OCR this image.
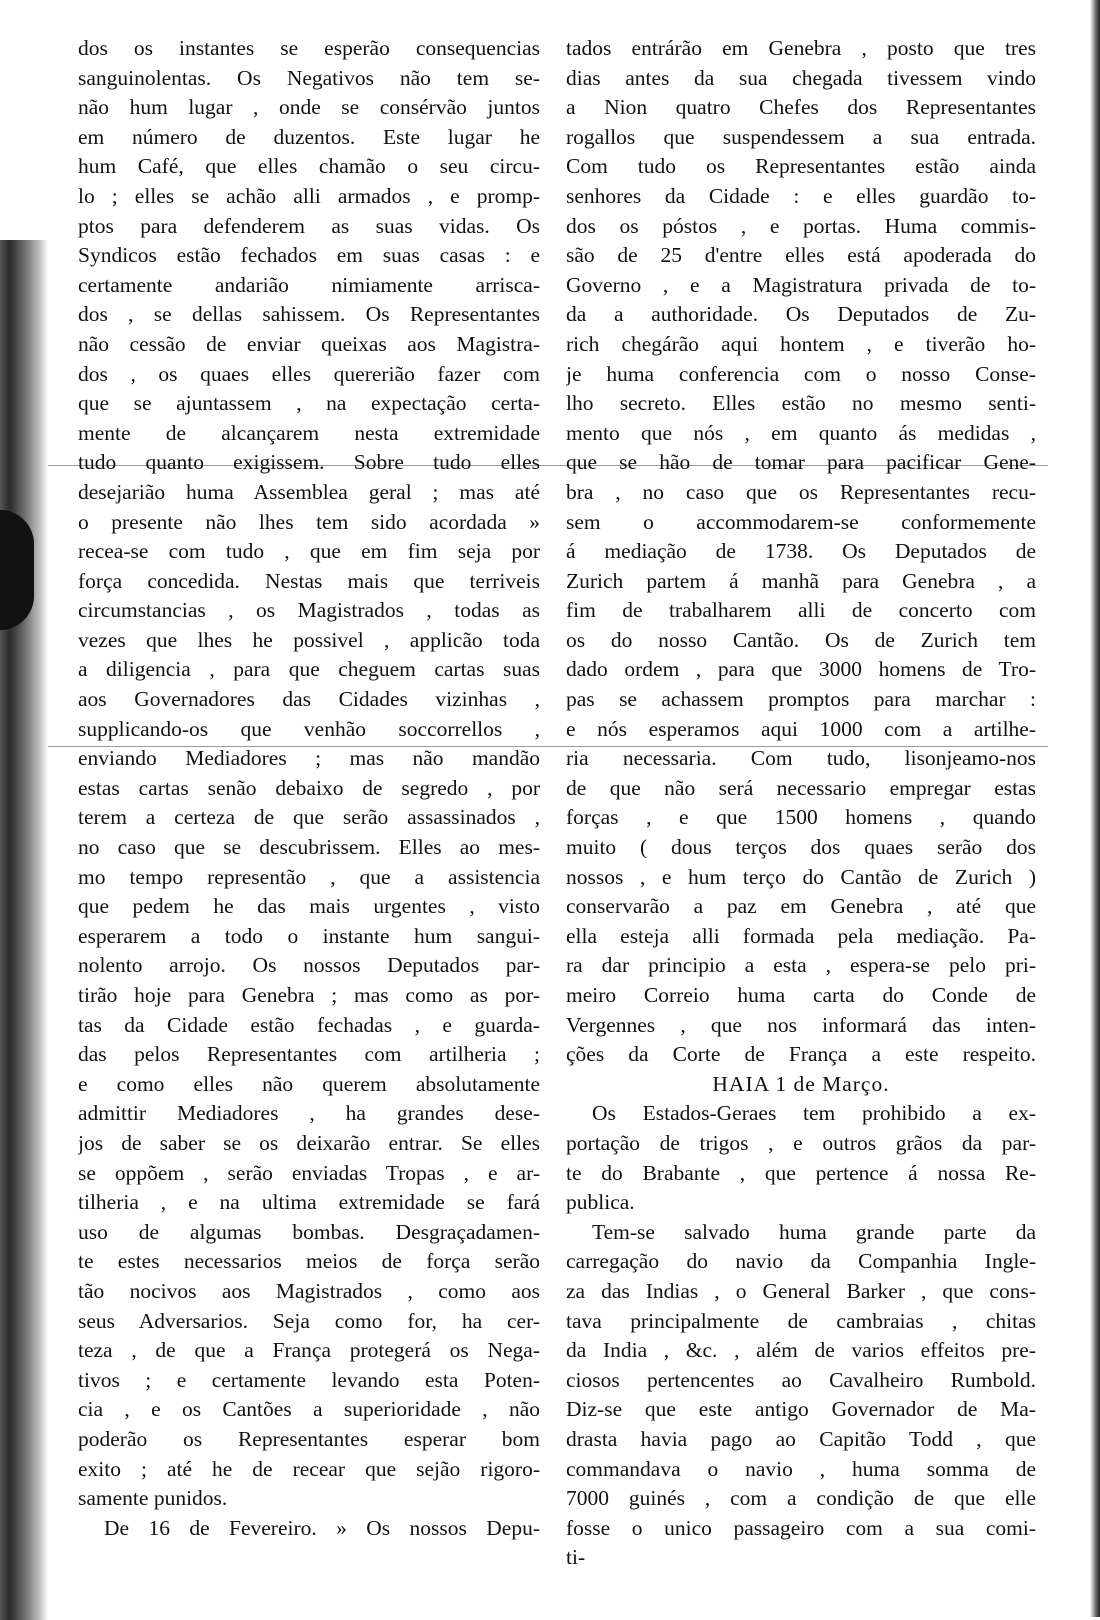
dos os instantes se esperão consequencias
sanguinolentas. Os Negativos não tem se-
não hum lugar , onde se consérvão juntos
em número de duzentos. Este lugar he
hum Café, que elles chamão o seu circu-
lo ; elles se achão alli armados , e promp-
ptos para defenderem as suas vidas. Os
Syndicos estão fechados em suas casas : e
certamente andarião nimiamente arrisca-
dos , se dellas sahissem. Os Representantes
não cessão de enviar queixas aos Magistra-
dos , os quaes elles quererião fazer com
que se ajuntassem , na expectação certa-
mente de alcançarem nesta extremidade
tudo quanto exigissem. Sobre tudo elles
desejarião huma Assemblea geral ; mas até
o presente não lhes tem sido acordada »
recea-se com tudo , que em fim seja por
força concedida. Nestas mais que terriveis
circumstancias , os Magistrados , todas as
vezes que lhes he possivel , applicão toda
a diligencia , para que cheguem cartas suas
aos Governadores das Cidades vizinhas ,
supplicando-os que venhão soccorrellos ,
enviando Mediadores ; mas não mandão
estas cartas senão debaixo de segredo , por
terem a certeza de que serão assassinados ,
no caso que se descubrissem. Elles ao mes-
mo tempo representão , que a assistencia
que pedem he das mais urgentes , visto
esperarem a todo o instante hum sangui-
nolento arrojo. Os nossos Deputados par-
tirão hoje para Genebra ; mas como as por-
tas da Cidade estão fechadas , e guarda-
das pelos Representantes com artilheria ;
e como elles não querem absolutamente
admittir Mediadores , ha grandes dese-
jos de saber se os deixarão entrar. Se elles
se oppõem , serão enviadas Tropas , e ar-
tilheria , e na ultima extremidade se fará
uso de algumas bombas. Desgraçadamen-
te estes necessarios meios de força serão
tão nocivos aos Magistrados , como aos
seus Adversarios. Seja como for, ha cer-
teza , de que a França protegerá os Nega-
tivos ; e certamente levando esta Poten-
cia , e os Cantões a superioridade , não
poderão os Representantes esperar bom
exito ; até he de recear que sejão rigoro-
samente punidos.
De 16 de Fevereiro. » Os nossos Depu-
tados entrárão em Genebra , posto que tres
dias antes da sua chegada tivessem vindo
a Nion quatro Chefes dos Representantes
rogallos que suspendessem a sua entrada.
Com tudo os Representantes estão ainda
senhores da Cidade : e elles guardão to-
dos os póstos , e portas. Huma commis-
são de 25 d'entre elles está apoderada do
Governo , e a Magistratura privada de to-
da a authoridade. Os Deputados de Zu-
rich chegárão aqui hontem , e tiverão ho-
je huma conferencia com o nosso Conse-
lho secreto. Elles estão no mesmo senti-
mento que nós , em quanto ás medidas ,
que se hão de tomar para pacificar Gene-
bra , no caso que os Representantes recu-
sem o accommodarem-se conformemente
á mediação de 1738. Os Deputados de
Zurich partem á manhã para Genebra , a
fim de trabalharem alli de concerto com
os do nosso Cantão. Os de Zurich tem
dado ordem , para que 3000 homens de Tro-
pas se achassem promptos para marchar :
e nós esperamos aqui 1000 com a artilhe-
ria necessaria. Com tudo, lisonjeamo-nos
de que não será necessario empregar estas
forças , e que 1500 homens , quando
muito ( dous terços dos quaes serão dos
nossos , e hum terço do Cantão de Zurich )
conservarão a paz em Genebra , até que
ella esteja alli formada pela mediação. Pa-
ra dar principio a esta , espera-se pelo pri-
meiro Correio huma carta do Conde de
Vergennes , que nos informará das inten-
ções da Corte de França a este respeito.
HAIA 1 de Março.
Os Estados-Geraes tem prohibido a ex-
portação de trigos , e outros grãos da par-
te do Brabante , que pertence á nossa Re-
publica.
Tem-se salvado huma grande parte da
carregação do navio da Companhia Ingle-
za das Indias , o General Barker , que cons-
tava principalmente de cambraias , chitas
da India , &c. , além de varios effeitos pre-
ciosos pertencentes ao Cavalheiro Rumbold.
Diz-se que este antigo Governador de Ma-
drasta havia pago ao Capitão Todd , que
commandava o navio , huma somma de
7000 guinés , com a condição de que elle
fosse o unico passageiro com a sua comi-
ti-
